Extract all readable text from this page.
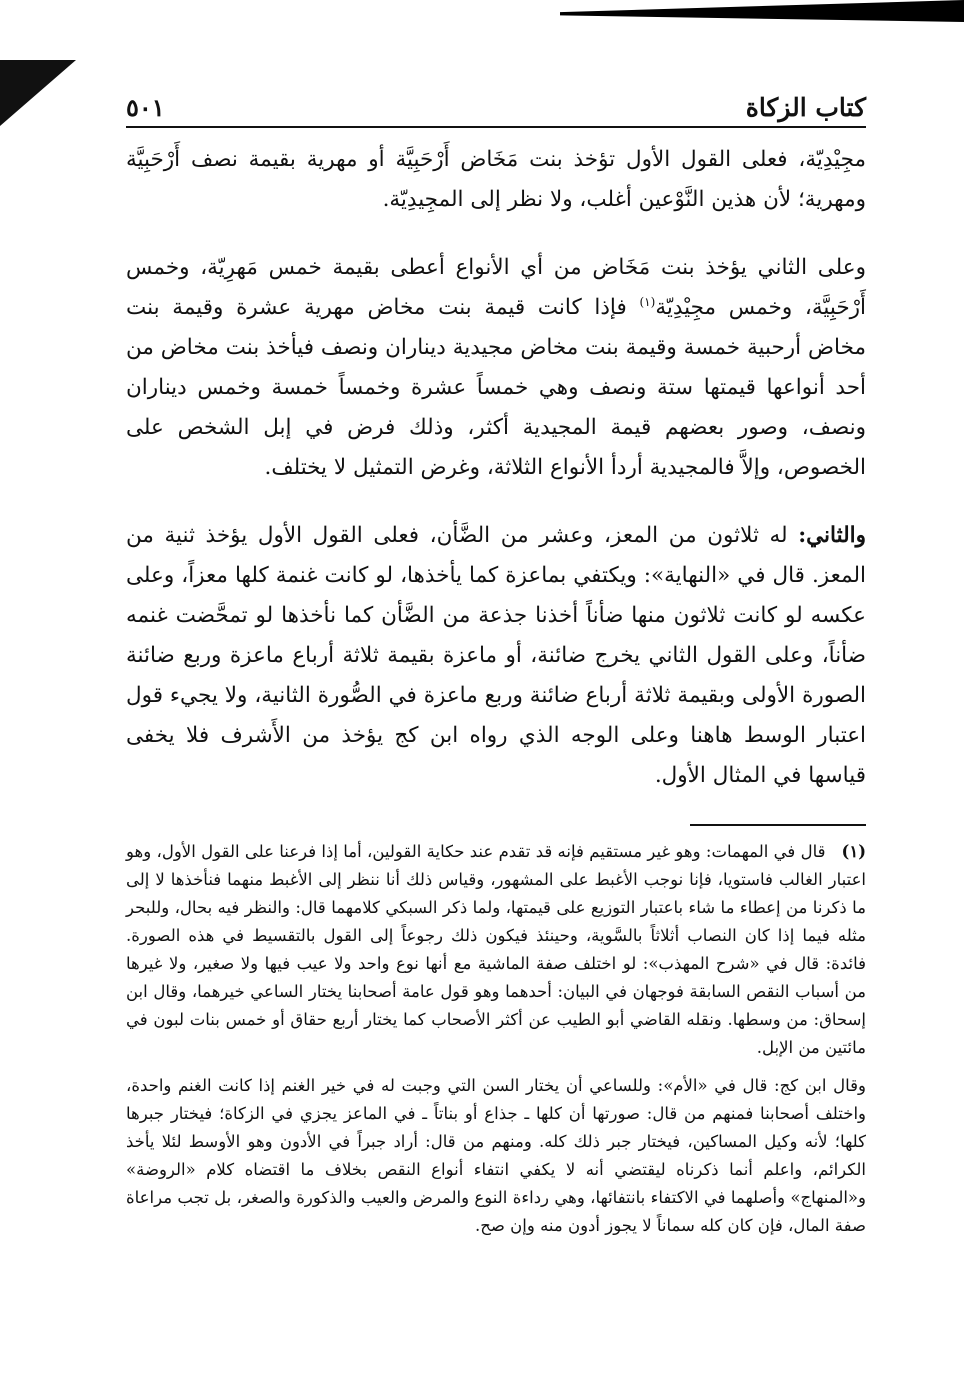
كتاب الزكاة
٥٠١

مجِيْدِيّة، فعلى القول الأول تؤخذ بنت مَخَاض أَرْحَبِيَّة أو مهرية بقيمة نصف أَرْحَبِيَّة ومهرية؛ لأن هذين النَّوْعين أغلب، ولا نظر إلى المجِيدِيّة.

وعلى الثاني يؤخذ بنت مَخَاض من أي الأنواع أعطى بقيمة خمس مَهرِيّة، وخمس أَرْحَبِيَّة، وخمس مجِيْدِيّة$^{(١)}$ فإذا كانت قيمة بنت مخاض مهرية عشرة وقيمة بنت مخاض أرحبية خمسة وقيمة بنت مخاض مجيدية ديناران ونصف فيأخذ بنت مخاض من أحد أنواعها قيمتها ستة ونصف وهي خمساً عشرة وخمساً خمسة وخمس ديناران ونصف، وصور بعضهم قيمة المجيدية أكثر، وذلك فرض في إبل الشخص على الخصوص، وإلاَّ فالمجيدية أردأ الأنواع الثلاثة، وغرض التمثيل لا يختلف.

والثاني: له ثلاثون من المعز، وعشر من الضَّأن، فعلى القول الأول يؤخذ ثنية من المعز. قال في «النهاية»: ويكتفي بماعزة كما يأخذها، لو كانت غنمة كلها معزاً، وعلى عكسه لو كانت ثلاثون منها ضأناً أخذنا جذعة من الضَّأن كما نأخذها لو تمحَّضت غنمه ضأناً، وعلى القول الثاني يخرج ضائنة، أو ماعزة بقيمة ثلاثة أرباع ماعزة وربع ضائنة الصورة الأولى وبقيمة ثلاثة أرباع ضائنة وربع ماعزة في الصُّورة الثانية، ولا يجيء قول اعتبار الوسط هاهنا وعلى الوجه الذي رواه ابن كج يؤخذ من الأَشرف فلا يخفى قياسها في المثال الأول.

(١)قال في المهمات: وهو غير مستقيم فإنه قد تقدم عند حكاية القولين، أما إذا فرعنا على القول الأول، وهو اعتبار الغالب فاستويا، فإنا نوجب الأغبط على المشهور، وقياس ذلك أنا ننظر إلى الأغبط منهما فنأخذها لا إلى ما ذكرنا من إعطاء ما شاء باعتبار التوزيع على قيمتها، ولما ذكر السبكي كلامهما قال: والنظر فيه بحال، وللبحر مثله فيما إذا كان النصاب أثلاثاً بالسَّوية، وحينئذ فيكون ذلك رجوعاً إلى القول بالتقسيط في هذه الصورة. فائدة: قال في «شرح المهذب»: لو اختلف صفة الماشية مع أنها نوع واحد ولا عيب فيها ولا صغير، ولا غيرها من أسباب النقص السابقة فوجهان في البيان: أحدهما وهو قول عامة أصحابنا يختار الساعي خيرهما، وقال ابن إسحاق: من وسطها. ونقله القاضي أبو الطيب عن أكثر الأصحاب كما يختار أربع حقاق أو خمس بنات لبون في مائتين من الإبل.

وقال ابن كج: قال في «الأم»: وللساعي أن يختار السن التي وجبت له في خير الغنم إذا كانت الغنم واحدة، واختلف أصحابنا فمنهم من قال: صورتها أن كلها ـ جذاع أو بناتاً ـ في الماعز يجزي في الزكاة؛ فيختار جبرها كلها؛ لأنه وكيل المساكين، فيختار جبر ذلك كله. ومنهم من قال: أراد جبراً في الأدون وهو الأوسط لئلا يأخذ الكرائم، واعلم أنما ذكرناه ليقتضي أنه لا يكفي انتفاء أنواع النقص بخلاف ما اقتضاه كلام «الروضة» و«المنهاج» وأصلهما في الاكتفاء بانتفائها، وهي رداءة النوع والمرض والعيب والذكورة والصغر، بل تجب مراعاة صفة المال، فإن كان كله سماناً لا يجوز أدون منه وإن صح.
